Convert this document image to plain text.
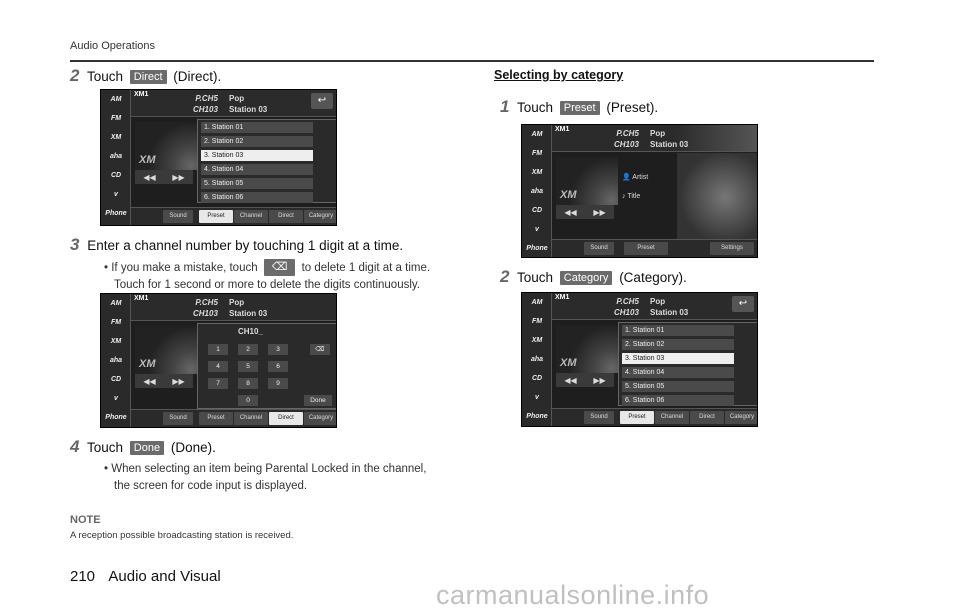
Audio Operations
2 Touch Direct (Direct).
AM
FM
XM
aha
CD
v
Phone
XM1	P.CH5
CH103
Pop
Station 03
↩
XM
◀◀ ▶▶
1. Station 01
2. Station 02
3. Station 03
4. Station 04
5. Station 05
6. Station 06
Sound	Preset	Channel	Direct	Category
3 Enter a channel number by touching 1 digit at a time.
• If you make a mistake, touch ⌫ to delete 1 digit at a time.
Touch for 1 second or more to delete the digits continuously.
AM
FM
XM
aha
CD
v
Phone
XM1	P.CH5
CH103
Pop
Station 03
XM
◀◀ ▶▶
CH10_
1	2	3	⌫
4	5	6
7	8	9
0	Done
Sound	Preset	Channel	Direct	Category
4 Touch Done (Done).
• When selecting an item being Parental Locked in the channel,
the screen for code input is displayed.
NOTE
A reception possible broadcasting station is received.
Selecting by category
1 Touch Preset (Preset).
AM
FM
XM
aha
CD
v
Phone
XM1	P.CH5
CH103
Pop
Station 03
XM
◀◀ ▶▶
👤 Artist
♪ Title
Sound	Preset	Settings
2 Touch Category (Category).
AM
FM
XM
aha
CD
v
Phone
XM1	P.CH5
CH103
Pop
Station 03
↩
XM
◀◀ ▶▶
1. Station 01
2. Station 02
3. Station 03
4. Station 04
5. Station 05
6. Station 06
Sound	Preset	Channel	Direct	Category
210 Audio and Visual
carmanualsonline.info
